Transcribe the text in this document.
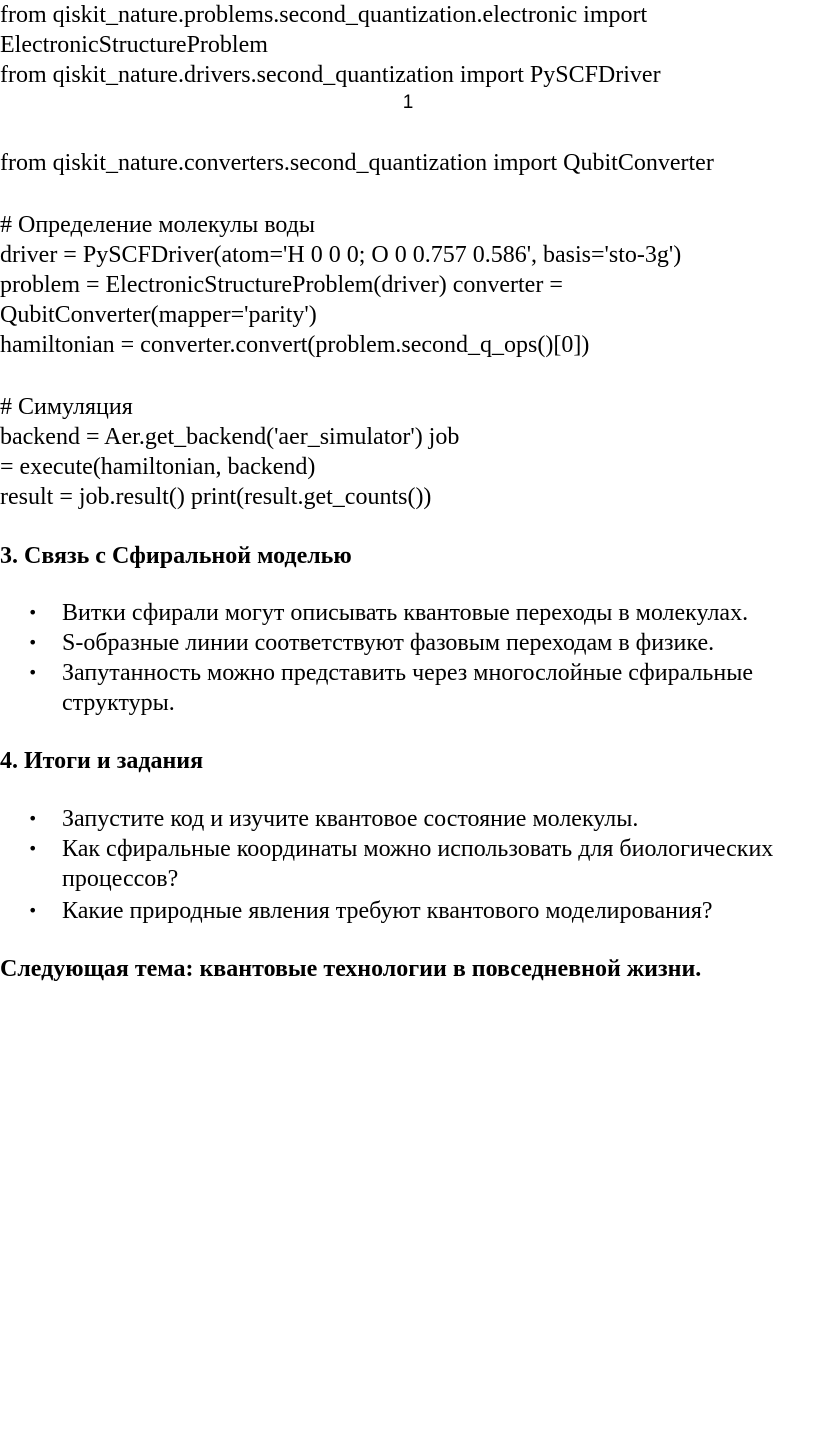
from qiskit_nature.problems.second_quantization.electronic import

ElectronicStructureProblem

from qiskit_nature.drivers.second_quantization import PySCFDriver

1

from qiskit_nature.converters.second_quantization import QubitConverter

# Определение молекулы воды

driver = PySCFDriver(atom='H 0 0 0; O 0 0.757 0.586', basis='sto-3g')

problem = ElectronicStructureProblem(driver) converter =

QubitConverter(mapper='parity')

hamiltonian = converter.convert(problem.second_q_ops()[0])

# Симуляция

backend = Aer.get_backend('aer_simulator') job

= execute(hamiltonian, backend)

result = job.result() print(result.get_counts())

3. Связь с Сфиральной моделью
• Витки сфирали могут описывать квантовые переходы в молекулах.
• S-образные линии соответствуют фазовым переходам в физике.
• Запутанность можно представить через многослойные сфиральные структуры.
4. Итоги и задания
• Запустите код и изучите квантовое состояние молекулы.
• Как сфиральные координаты можно использовать для биологических процессов?
• Какие природные явления требуют квантового моделирования?

Следующая тема: квантовые технологии в повседневной жизни.
